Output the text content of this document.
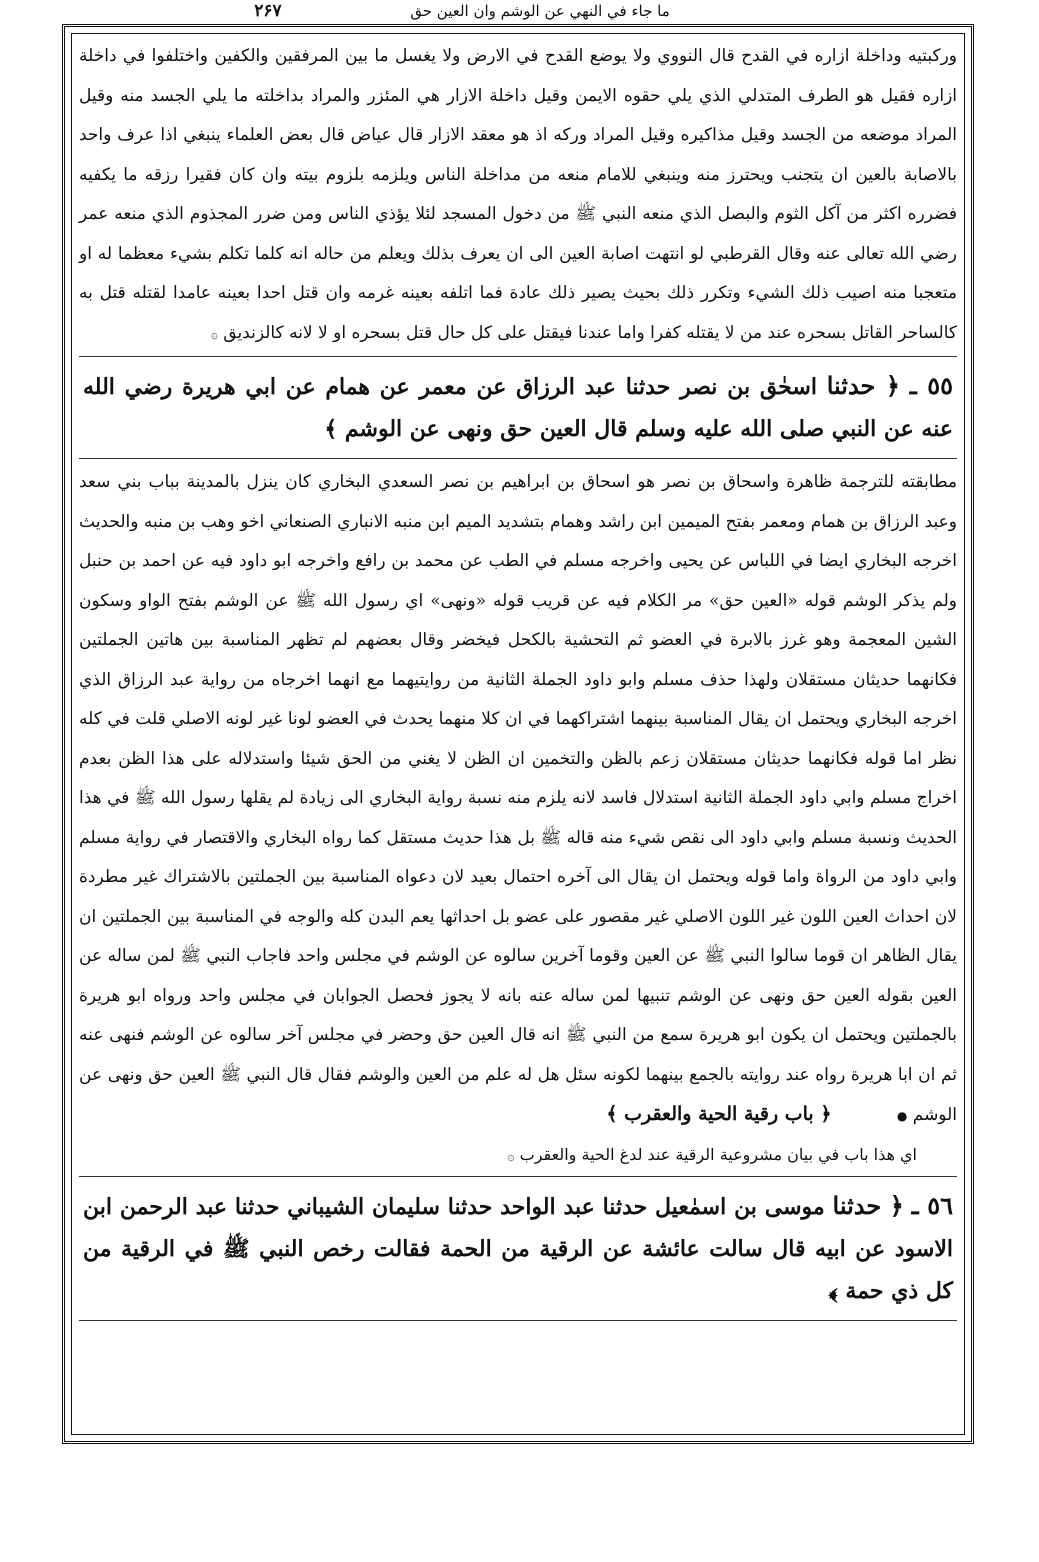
۲۶۷	ما جاء في النهي عن الوشم وان العين حق

وركبتيه وداخلة ازاره في القدح قال النووي ولا يوضع القدح في الارض ولا يغسل ما بين المرفقين والكفين واختلفوا في داخلة ازاره فقيل هو الطرف المتدلي الذي يلي حقوه الايمن وقيل داخلة الازار هي المئزر والمراد بداخلته ما يلي الجسد منه وقيل المراد موضعه من الجسد وقيل مذاكيره وقيل المراد وركه اذ هو معقد الازار قال عياض قال بعض العلماء ينبغي اذا عرف واحد بالاصابة بالعين ان يتجنب ويحترز منه وينبغي للامام منعه من مداخلة الناس ويلزمه بلزوم بيته وان كان فقيرا رزقه ما يكفيه فضرره اكثر من آكل الثوم والبصل الذي منعه النبي ﷺ من دخول المسجد لئلا يؤذي الناس ومن ضرر المجذوم الذي منعه عمر رضي الله تعالى عنه وقال القرطبي لو انتهت اصابة العين الى ان يعرف بذلك ويعلم من حاله انه كلما تكلم بشيء معظما له او متعجبا منه اصيب ذلك الشيء وتكرر ذلك بحيث يصير ذلك عادة فما اتلفه بعينه غرمه وان قتل احدا بعينه عامدا لقتله قتل به كالساحر القاتل بسحره عند من لا يقتله كفرا واما عندنا فيقتل على كل حال قتل بسحره او لا لانه كالزنديق ۞

٥٥ ـ ﴿ حدثنا اسحٰق بن نصر حدثنا عبد الرزاق عن معمر عن همام عن ابي هريرة رضي الله عنه عن النبي صلى الله عليه وسلم قال العين حق ونهى عن الوشم ﴾

مطابقته للترجمة ظاهرة واسحاق بن نصر هو اسحاق بن ابراهيم بن نصر السعدي البخاري كان ينزل بالمدينة بباب بني سعد وعبد الرزاق بن همام ومعمر بفتح الميمين ابن راشد وهمام بتشديد الميم ابن منبه الانباري الصنعاني اخو وهب بن منبه والحديث اخرجه البخاري ايضا في اللباس عن يحيى واخرجه مسلم في الطب عن محمد بن رافع واخرجه ابو داود فيه عن احمد بن حنبل ولم يذكر الوشم قوله «العين حق» مر الكلام فيه عن قريب قوله «ونهى» اي رسول الله ﷺ عن الوشم بفتح الواو وسكون الشين المعجمة وهو غرز بالابرة في العضو ثم التحشية بالكحل فيخضر وقال بعضهم لم تظهر المناسبة بين هاتين الجملتين فكانهما حديثان مستقلان ولهذا حذف مسلم وابو داود الجملة الثانية من روايتيهما مع انهما اخرجاه من رواية عبد الرزاق الذي اخرجه البخاري ويحتمل ان يقال المناسبة بينهما اشتراكهما في ان كلا منهما يحدث في العضو لونا غير لونه الاصلي قلت في كله نظر اما قوله فكانهما حديثان مستقلان زعم بالظن والتخمين ان الظن لا يغني من الحق شيئا واستدلاله على هذا الظن بعدم اخراج مسلم وابي داود الجملة الثانية استدلال فاسد لانه يلزم منه نسبة رواية البخاري الى زيادة لم يقلها رسول الله ﷺ في هذا الحديث ونسبة مسلم وابي داود الى نقص شيء منه قاله ﷺ بل هذا حديث مستقل كما رواه البخاري والاقتصار في رواية مسلم وابي داود من الرواة واما قوله ويحتمل ان يقال الى آخره احتمال بعيد لان دعواه المناسبة بين الجملتين بالاشتراك غير مطردة لان احداث العين اللون غير اللون الاصلي غير مقصور على عضو بل احداثها يعم البدن كله والوجه في المناسبة بين الجملتين ان يقال الظاهر ان قوما سالوا النبي ﷺ عن العين وقوما آخرين سالوه عن الوشم في مجلس واحد فاجاب النبي ﷺ لمن ساله عن العين بقوله العين حق ونهى عن الوشم تنبيها لمن ساله عنه بانه لا يجوز فحصل الجوابان في مجلس واحد ورواه ابو هريرة بالجملتين ويحتمل ان يكون ابو هريرة سمع من النبي ﷺ انه قال العين حق وحضر في مجلس آخر سالوه عن الوشم فنهى عنه ثم ان ابا هريرة رواه عند روايته بالجمع بينهما لكونه سئل هل له علم من العين والوشم فقال قال النبي ﷺ العين حق ونهى عن الوشم ● ﴿ باب رقية الحية والعقرب ﴾

اي هذا باب في بيان مشروعية الرقية عند لدغ الحية والعقرب ۞

٥٦ ـ ﴿ حدثنا موسى بن اسمٰعيل حدثنا عبد الواحد حدثنا سليمان الشيباني حدثنا عبد الرحمن ابن الاسود عن ابيه قال سالت عائشة عن الرقية من الحمة فقالت رخص النبي ﷺ في الرقية من كل ذي حمة ﴾
